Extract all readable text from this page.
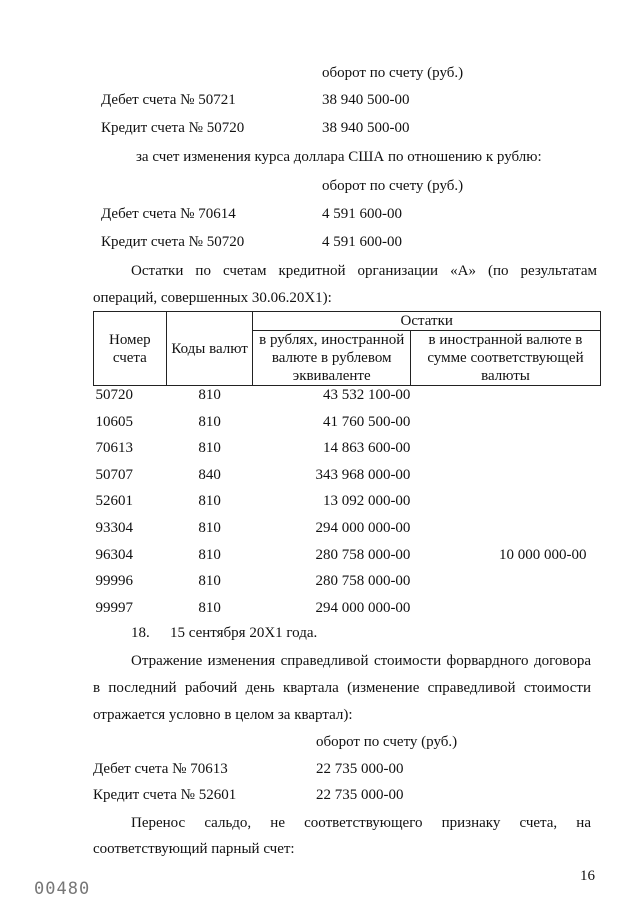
оборот по счету (руб.)
Дебет счета № 50721	38 940 500-00
Кредит счета № 50720	38 940 500-00
за счет изменения курса доллара США по отношению к рублю:
оборот по счету (руб.)
Дебет счета № 70614	4 591 600-00
Кредит счета № 50720	4 591 600-00
Остатки по счетам кредитной организации «А» (по результатам
операций, совершенных 30.06.20Х1):
Номер счета	Коды валют	Остатки	
		в рублях, иностранной валюте в рублевом эквиваленте	в иностранной валюте в сумме соответствующей валюты
50720	810	43 532 100-00	
10605	810	41 760 500-00	
70613	810	14 863 600-00	
50707	840	343 968 000-00	
52601	810	13 092 000-00	
93304	810	294 000 000-00	
96304	810	280 758 000-00	10 000 000-00
99996	810	280 758 000-00	
99997	810	294 000 000-00	
18. 15 сентября 20Х1 года.
Отражение изменения справедливой стоимости форвардного договора
в последний рабочий день квартала (изменение справедливой стоимости
отражается условно в целом за квартал):
оборот по счету (руб.)
Дебет счета № 70613	22 735 000-00
Кредит счета № 52601	22 735 000-00
Перенос сальдо, не соответствующего признаку счета, на
соответствующий парный счет:
16
00480
